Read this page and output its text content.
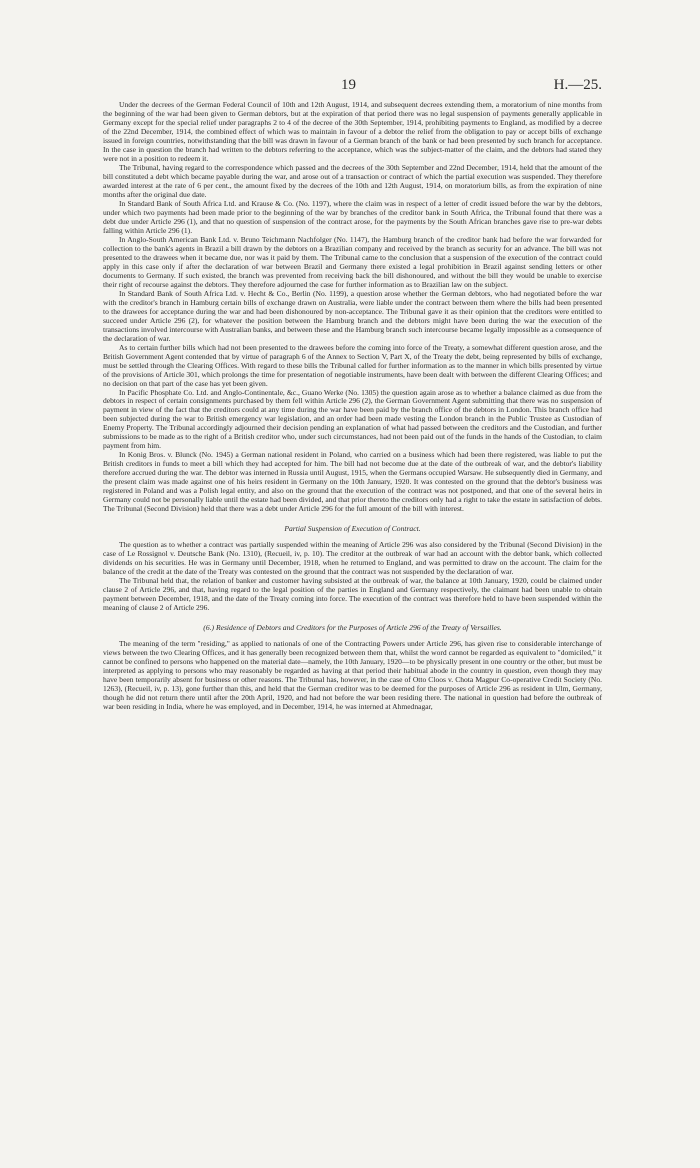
19	H.—25.

Under the decrees of the German Federal Council of 10th and 12th August, 1914, and subsequent decrees extending them, a moratorium of nine months from the beginning of the war had been given to German debtors, but at the expiration of that period there was no legal suspension of payments generally applicable in Germany except for the special relief under paragraphs 2 to 4 of the decree of the 30th September, 1914, prohibiting payments to England, as modified by a decree of the 22nd December, 1914, the combined effect of which was to maintain in favour of a debtor the relief from the obligation to pay or accept bills of exchange issued in foreign countries, notwithstanding that the bill was drawn in favour of a German branch of the bank or had been presented by such branch for acceptance. In the case in question the branch had written to the debtors referring to the acceptance, which was the subject-matter of the claim, and the debtors had stated they were not in a position to redeem it.

The Tribunal, having regard to the correspondence which passed and the decrees of the 30th September and 22nd December, 1914, held that the amount of the bill constituted a debt which became payable during the war, and arose out of a transaction or contract of which the partial execution was suspended. They therefore awarded interest at the rate of 6 per cent., the amount fixed by the decrees of the 10th and 12th August, 1914, on moratorium bills, as from the expiration of nine months after the original due date.

In Standard Bank of South Africa Ltd. and Krause & Co. (No. 1197), where the claim was in respect of a letter of credit issued before the war by the debtors, under which two payments had been made prior to the beginning of the war by branches of the creditor bank in South Africa, the Tribunal found that there was a debt due under Article 296 (1), and that no question of suspension of the contract arose, for the payments by the South African branches gave rise to pre-war debts falling within Article 296 (1).

In Anglo-South American Bank Ltd. v. Bruno Teichmann Nachfolger (No. 1147), the Hamburg branch of the creditor bank had before the war forwarded for collection to the bank's agents in Brazil a bill drawn by the debtors on a Brazilian company and received by the branch as security for an advance. The bill was not presented to the drawees when it became due, nor was it paid by them. The Tribunal came to the conclusion that a suspension of the execution of the contract could apply in this case only if after the declaration of war between Brazil and Germany there existed a legal prohibition in Brazil against sending letters or other documents to Germany. If such existed, the branch was prevented from receiving back the bill dishonoured, and without the bill they would be unable to exercise their right of recourse against the debtors. They therefore adjourned the case for further information as to Brazilian law on the subject.

In Standard Bank of South Africa Ltd. v. Hecht & Co., Berlin (No. 1199), a question arose whether the German debtors, who had negotiated before the war with the creditor's branch in Hamburg certain bills of exchange drawn on Australia, were liable under the contract between them where the bills had been presented to the drawees for acceptance during the war and had been dishonoured by non-acceptance. The Tribunal gave it as their opinion that the creditors were entitled to succeed under Article 296 (2), for whatever the position between the Hamburg branch and the debtors might have been during the war the execution of the transactions involved intercourse with Australian banks, and between these and the Hamburg branch such intercourse became legally impossible as a consequence of the declaration of war.

As to certain further bills which had not been presented to the drawees before the coming into force of the Treaty, a somewhat different question arose, and the British Government Agent contended that by virtue of paragraph 6 of the Annex to Section V, Part X, of the Treaty the debt, being represented by bills of exchange, must be settled through the Clearing Offices. With regard to these bills the Tribunal called for further information as to the manner in which bills presented by virtue of the provisions of Article 301, which prolongs the time for presentation of negotiable instruments, have been dealt with between the different Clearing Offices; and no decision on that part of the case has yet been given.

In Pacific Phosphate Co. Ltd. and Anglo-Continentale, &c., Guano Werke (No. 1305) the question again arose as to whether a balance claimed as due from the debtors in respect of certain consignments purchased by them fell within Article 296 (2), the German Government Agent submitting that there was no suspension of payment in view of the fact that the creditors could at any time during the war have been paid by the branch office of the debtors in London. This branch office had been subjected during the war to British emergency war legislation, and an order had been made vesting the London branch in the Public Trustee as Custodian of Enemy Property. The Tribunal accordingly adjourned their decision pending an explanation of what had passed between the creditors and the Custodian, and further submissions to be made as to the right of a British creditor who, under such circumstances, had not been paid out of the funds in the hands of the Custodian, to claim payment from him.

In Konig Bros. v. Blunck (No. 1945) a German national resident in Poland, who carried on a business which had been there registered, was liable to put the British creditors in funds to meet a bill which they had accepted for him. The bill had not become due at the date of the outbreak of war, and the debtor's liability therefore accrued during the war. The debtor was interned in Russia until August, 1915, when the Germans occupied Warsaw. He subsequently died in Germany, and the present claim was made against one of his heirs resident in Germany on the 10th January, 1920. It was contested on the ground that the debtor's business was registered in Poland and was a Polish legal entity, and also on the ground that the execution of the contract was not postponed, and that one of the several heirs in Germany could not be personally liable until the estate had been divided, and that prior thereto the creditors only had a right to take the estate in satisfaction of debts. The Tribunal (Second Division) held that there was a debt under Article 296 for the full amount of the bill with interest.

Partial Suspension of Execution of Contract.

The question as to whether a contract was partially suspended within the meaning of Article 296 was also considered by the Tribunal (Second Division) in the case of Le Rossignol v. Deutsche Bank (No. 1310), (Recueil, iv, p. 10). The creditor at the outbreak of war had an account with the debtor bank, which collected dividends on his securities. He was in Germany until December, 1918, when he returned to England, and was permitted to draw on the account. The claim for the balance of the credit at the date of the Treaty was contested on the ground that the contract was not suspended by the declaration of war.

The Tribunal held that, the relation of banker and customer having subsisted at the outbreak of war, the balance at 10th January, 1920, could be claimed under clause 2 of Article 296, and that, having regard to the legal position of the parties in England and Germany respectively, the claimant had been unable to obtain payment between December, 1918, and the date of the Treaty coming into force. The execution of the contract was therefore held to have been suspended within the meaning of clause 2 of Article 296.

(6.) Residence of Debtors and Creditors for the Purposes of Article 296 of the Treaty of Versailles.

The meaning of the term "residing," as applied to nationals of one of the Contracting Powers under Article 296, has given rise to considerable interchange of views between the two Clearing Offices, and it has generally been recognized between them that, whilst the word cannot be regarded as equivalent to "domiciled," it cannot be confined to persons who happened on the material date—namely, the 10th January, 1920—to be physically present in one country or the other, but must be interpreted as applying to persons who may reasonably be regarded as having at that period their habitual abode in the country in question, even though they may have been temporarily absent for business or other reasons. The Tribunal has, however, in the case of Otto Cloos v. Chota Magpur Co-operative Credit Society (No. 1263), (Recueil, iv, p. 13), gone further than this, and held that the German creditor was to be deemed for the purposes of Article 296 as resident in Ulm, Germany, though he did not return there until after the 20th April, 1920, and had not before the war been residing there. The national in question had before the outbreak of war been residing in India, where he was employed, and in December, 1914, he was interned at Ahmednagar,
